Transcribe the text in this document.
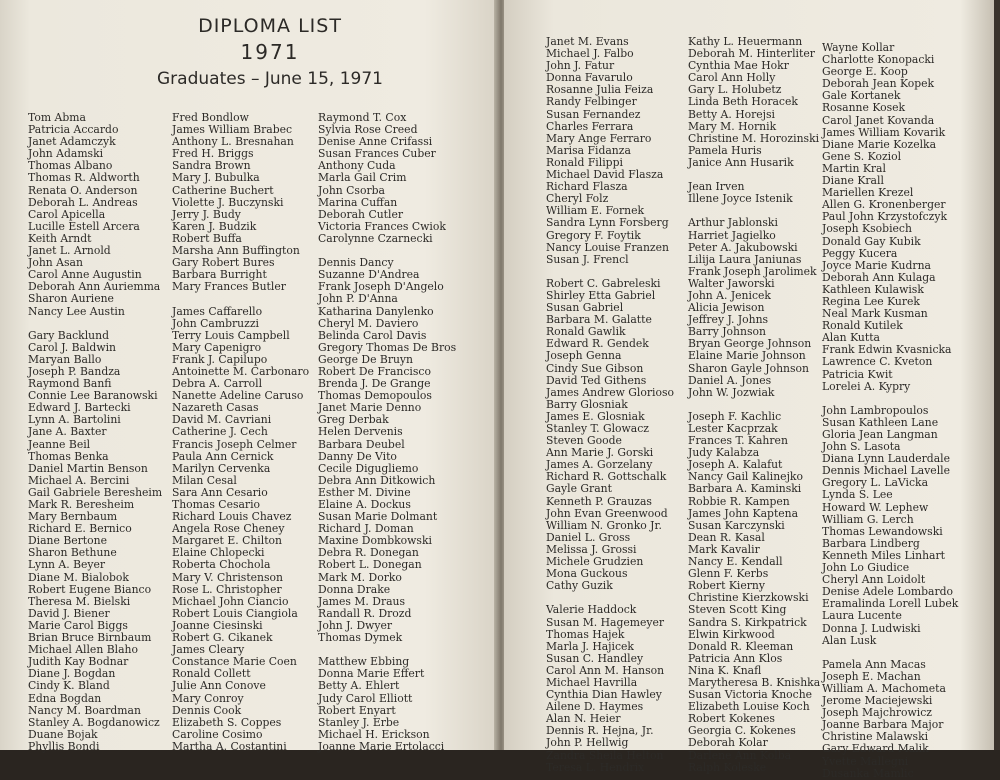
DIPLOMA LIST
1971
Graduates – June 15, 1971
Tom Abma
Patricia Accardo
Janet Adamczyk
John Adamski
Thomas Albano
Thomas R. Aldworth
Renata O. Anderson
Deborah L. Andreas
Carol Apicella
Lucille Estell Arcera
Keith Arndt
Janet L. Arnold
John Asan
Carol Anne Augustin
Deborah Ann Auriemma
Sharon Auriene
Nancy Lee Austin
Gary Backlund
Carol J. Baldwin
Maryan Ballo
Joseph P. Bandza
Raymond Banfi
Connie Lee Baranowski
Edward J. Bartecki
Lynn A. Bartolini
Jane A. Baxter
Jeanne Beil
Thomas Benka
Daniel Martin Benson
Michael A. Bercini
Gail Gabriele Beresheim
Mark R. Beresheim
Mary Bernbaum
Richard E. Bernico
Diane Bertone
Sharon Bethune
Lynn A. Beyer
Diane M. Bialobok
Robert Eugene Bianco
Theresa M. Bielski
David J. Biener
Marie Carol Biggs
Brian Bruce Birnbaum
Michael Allen Blaho
Judith Kay Bodnar
Diane J. Bogdan
Cindy K. Bland
Edna Bogdan
Nancy M. Boardman
Stanley A. Bogdanowicz
Duane Bojak
Phyllis Bondi
Fred Bondlow
James William Brabec
Anthony L. Bresnahan
Fred H. Briggs
Sandra Brown
Mary J. Bubulka
Catherine Buchert
Violette J. Buczynski
Jerry J. Budy
Karen J. Budzik
Robert Buffa
Marsha Ann Buffington
Gary Robert Bures
Barbara Burright
Mary Frances Butler
James Caffarello
John Cambruzzi
Terry Louis Campbell
Mary Capenigro
Frank J. Capilupo
Antoinette M. Carbonaro
Debra A. Carroll
Nanette Adeline Caruso
Nazareth Casas
David M. Cavriani
Catherine J. Cech
Francis Joseph Celmer
Paula Ann Cernick
Marilyn Cervenka
Milan Cesal
Sara Ann Cesario
Thomas Cesario
Richard Louis Chavez
Angela Rose Cheney
Margaret E. Chilton
Elaine Chlopecki
Roberta Chochola
Mary V. Christenson
Rose L. Christopher
Michael John Ciancio
Robert Louis Ciangiola
Joanne Ciesinski
Robert G. Cikanek
James Cleary
Constance Marie Coen
Ronald Collett
Julie Ann Conove
Mary Conroy
Dennis Cook
Elizabeth S. Coppes
Caroline Cosimo
Martha A. Costantini
Raymond T. Cox
Sylvia Rose Creed
Denise Anne Crifassi
Susan Frances Cuber
Anthony Cuda
Marla Gail Crim
John Csorba
Marina Cuffan
Deborah Cutler
Victoria Frances Cwiok
Carolynne Czarnecki
Dennis Dancy
Suzanne D'Andrea
Frank Joseph D'Angelo
John P. D'Anna
Katharina Danylenko
Cheryl M. Daviero
Belinda Carol Davis
Gregory Thomas De Bros
George De Bruyn
Robert De Francisco
Brenda J. De Grange
Thomas Demopoulos
Janet Marie Denno
Greg Derbak
Helen Dervenis
Barbara Deubel
Danny De Vito
Cecile Digugliemo
Debra Ann Ditkowich
Esther M. Divine
Elaine A. Dockus
Susan Marie Dolmant
Richard J. Doman
Maxine Dombkowski
Debra R. Donegan
Robert L. Donegan
Mark M. Dorko
Donna Drake
James M. Draus
Randall R. Drozd
John J. Dwyer
Thomas Dymek
Matthew Ebbing
Donna Marie Effert
Betty A. Ehlert
Judy Carol Elliott
Robert Enyart
Stanley J. Erbe
Michael H. Erickson
Joanne Marie Ertolacci
Janet M. Evans
Michael J. Falbo
John J. Fatur
Donna Favarulo
Rosanne Julia Feiza
Randy Felbinger
Susan Fernandez
Charles Ferrara
Mary Ange Ferraro
Marisa Fidanza
Ronald Filippi
Michael David Flasza
Richard Flasza
Cheryl Folz
William E. Fornek
Sandra Lynn Forsberg
Gregory F. Foytik
Nancy Louise Franzen
Susan J. Frencl
Robert C. Gabreleski
Shirley Etta Gabriel
Susan Gabriel
Barbara M. Galatte
Ronald Gawlik
Edward R. Gendek
Joseph Genna
Cindy Sue Gibson
David Ted Githens
James Andrew Glorioso
Barry Glosniak
James E. Glosniak
Stanley T. Glowacz
Steven Goode
Ann Marie J. Gorski
James A. Gorzelany
Richard R. Gottschalk
Gayle Grant
Kenneth P. Grauzas
John Evan Greenwood
William N. Gronko Jr.
Daniel L. Gross
Melissa J. Grossi
Michele Grudzien
Mona Guckous
Cathy Guzik
Valerie Haddock
Susan M. Hagemeyer
Thomas Hajek
Marla J. Hajicek
Susan C. Handley
Carol Ann M. Hanson
Michael Havrilla
Cynthia Dian Hawley
Ailene D. Haymes
Alan N. Heier
Dennis R. Hejna, Jr.
John P. Hellwig
Zandra Sheila Helton
Teresa L. Hendrix
Kathy L. Heuermann
Deborah M. Hinterliter
Cynthia Mae Hokr
Carol Ann Holly
Gary L. Holubetz
Linda Beth Horacek
Betty A. Horejsi
Mary M. Hornik
Christine M. Horozinski
Pamela Huris
Janice Ann Husarik
Jean Irven
Illene Joyce Istenik
Arthur Jablonski
Harriet Jagielko
Peter A. Jakubowski
Lilija Laura Janiunas
Frank Joseph Jarolimek
Walter Jaworski
John A. Jenicek
Alicia Jewison
Jeffrey J. Johns
Barry Johnson
Bryan George Johnson
Elaine Marie Johnson
Sharon Gayle Johnson
Daniel A. Jones
John W. Jozwiak
Joseph F. Kachlic
Lester Kacprzak
Frances T. Kahren
Judy Kalabza
Joseph A. Kalafut
Nancy Gail Kalinejko
Barbara A. Kaminski
Robbie R. Kampen
James John Kaptena
Susan Karczynski
Dean R. Kasal
Mark Kavalir
Nancy E. Kendall
Glenn F. Kerbs
Robert Kierny
Christine Kierzkowski
Steven Scott King
Sandra S. Kirkpatrick
Elwin Kirkwood
Donald R. Kleeman
Patricia Ann Klos
Nina K. Knafl
Marytheresa B. Knishka
Susan Victoria Knoche
Elizabeth Louise Koch
Robert Kokenes
Georgia C. Kokenes
Deborah Kolar
Darlene Ann Kolba
Ralph Koleske
Wayne Kollar
Charlotte Konopacki
George E. Koop
Deborah Jean Kopek
Gale Kortanek
Rosanne Kosek
Carol Janet Kovanda
James William Kovarik
Diane Marie Kozelka
Gene S. Koziol
Martin Kral
Diane Krall
Mariellen Krezel
Allen G. Kronenberger
Paul John Krzystofczyk
Joseph Ksobiech
Donald Gay Kubik
Peggy Kucera
Joyce Marie Kudrna
Deborah Ann Kulaga
Kathleen Kulawisk
Regina Lee Kurek
Neal Mark Kusman
Ronald Kutilek
Alan Kutta
Frank Edwin Kvasnicka
Lawrence C. Kveton
Patricia Kwit
Lorelei A. Kypry
John Lambropoulos
Susan Kathleen Lane
Gloria Jean Langman
John S. Lasota
Diana Lynn Lauderdale
Dennis Michael Lavelle
Gregory L. LaVicka
Lynda S. Lee
Howard W. Lephew
William G. Lerch
Thomas Lewandowski
Barbara Lindberg
Kenneth Miles Linhart
John Lo Giudice
Cheryl Ann Loidolt
Denise Adele Lombardo
Eramalinda Lorell Lubek
Laura Lucente
Donna J. Ludwiski
Alan Lusk
Pamela Ann Macas
Joseph E. Machan
William A. Machometa
Jerome Maciejewski
Joseph Majchrowicz
Joanne Barbara Major
Christine Malawski
Gary Edward Malik
Yvette Mallegni
Dusanka Mamlic
